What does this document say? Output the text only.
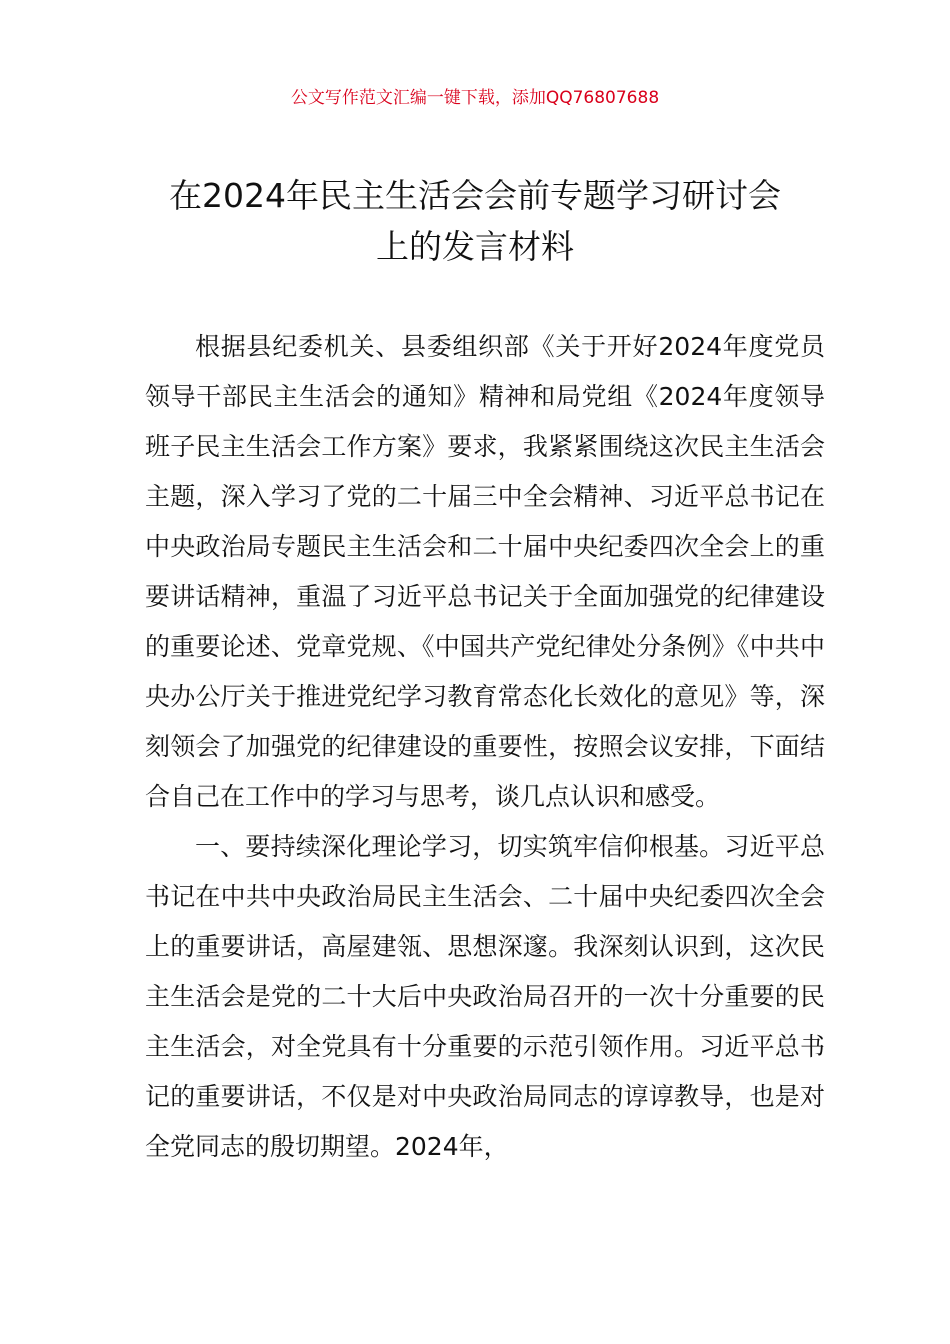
公文写作范文汇编一键下载，添加QQ76807688
在2024年民主生活会会前专题学习研讨会
上的发言材料

根据县纪委机关、县委组织部《关于开好2024年度党员领导干部民主生活会的通知》精神和局党组《2024年度领导班子民主生活会工作方案》要求，我紧紧围绕这次民主生活会主题，深入学习了党的二十届三中全会精神、习近平总书记在中央政治局专题民主生活会和二十届中央纪委四次全会上的重要讲话精神，重温了习近平总书记关于全面加强党的纪律建设的重要论述、党章党规、《中国共产党纪律处分条例》《中共中央办公厅关于推进党纪学习教育常态化长效化的意见》等，深刻领会了加强党的纪律建设的重要性，按照会议安排，下面结合自己在工作中的学习与思考，谈几点认识和感受。

一、要持续深化理论学习，切实筑牢信仰根基。习近平总书记在中共中央政治局民主生活会、二十届中央纪委四次全会上的重要讲话，高屋建瓴、思想深邃。我深刻认识到，这次民主生活会是党的二十大后中央政治局召开的一次十分重要的民主生活会，对全党具有十分重要的示范引领作用。习近平总书记的重要讲话，不仅是对中央政治局同志的谆谆教导，也是对全党同志的殷切期望。2024年，
